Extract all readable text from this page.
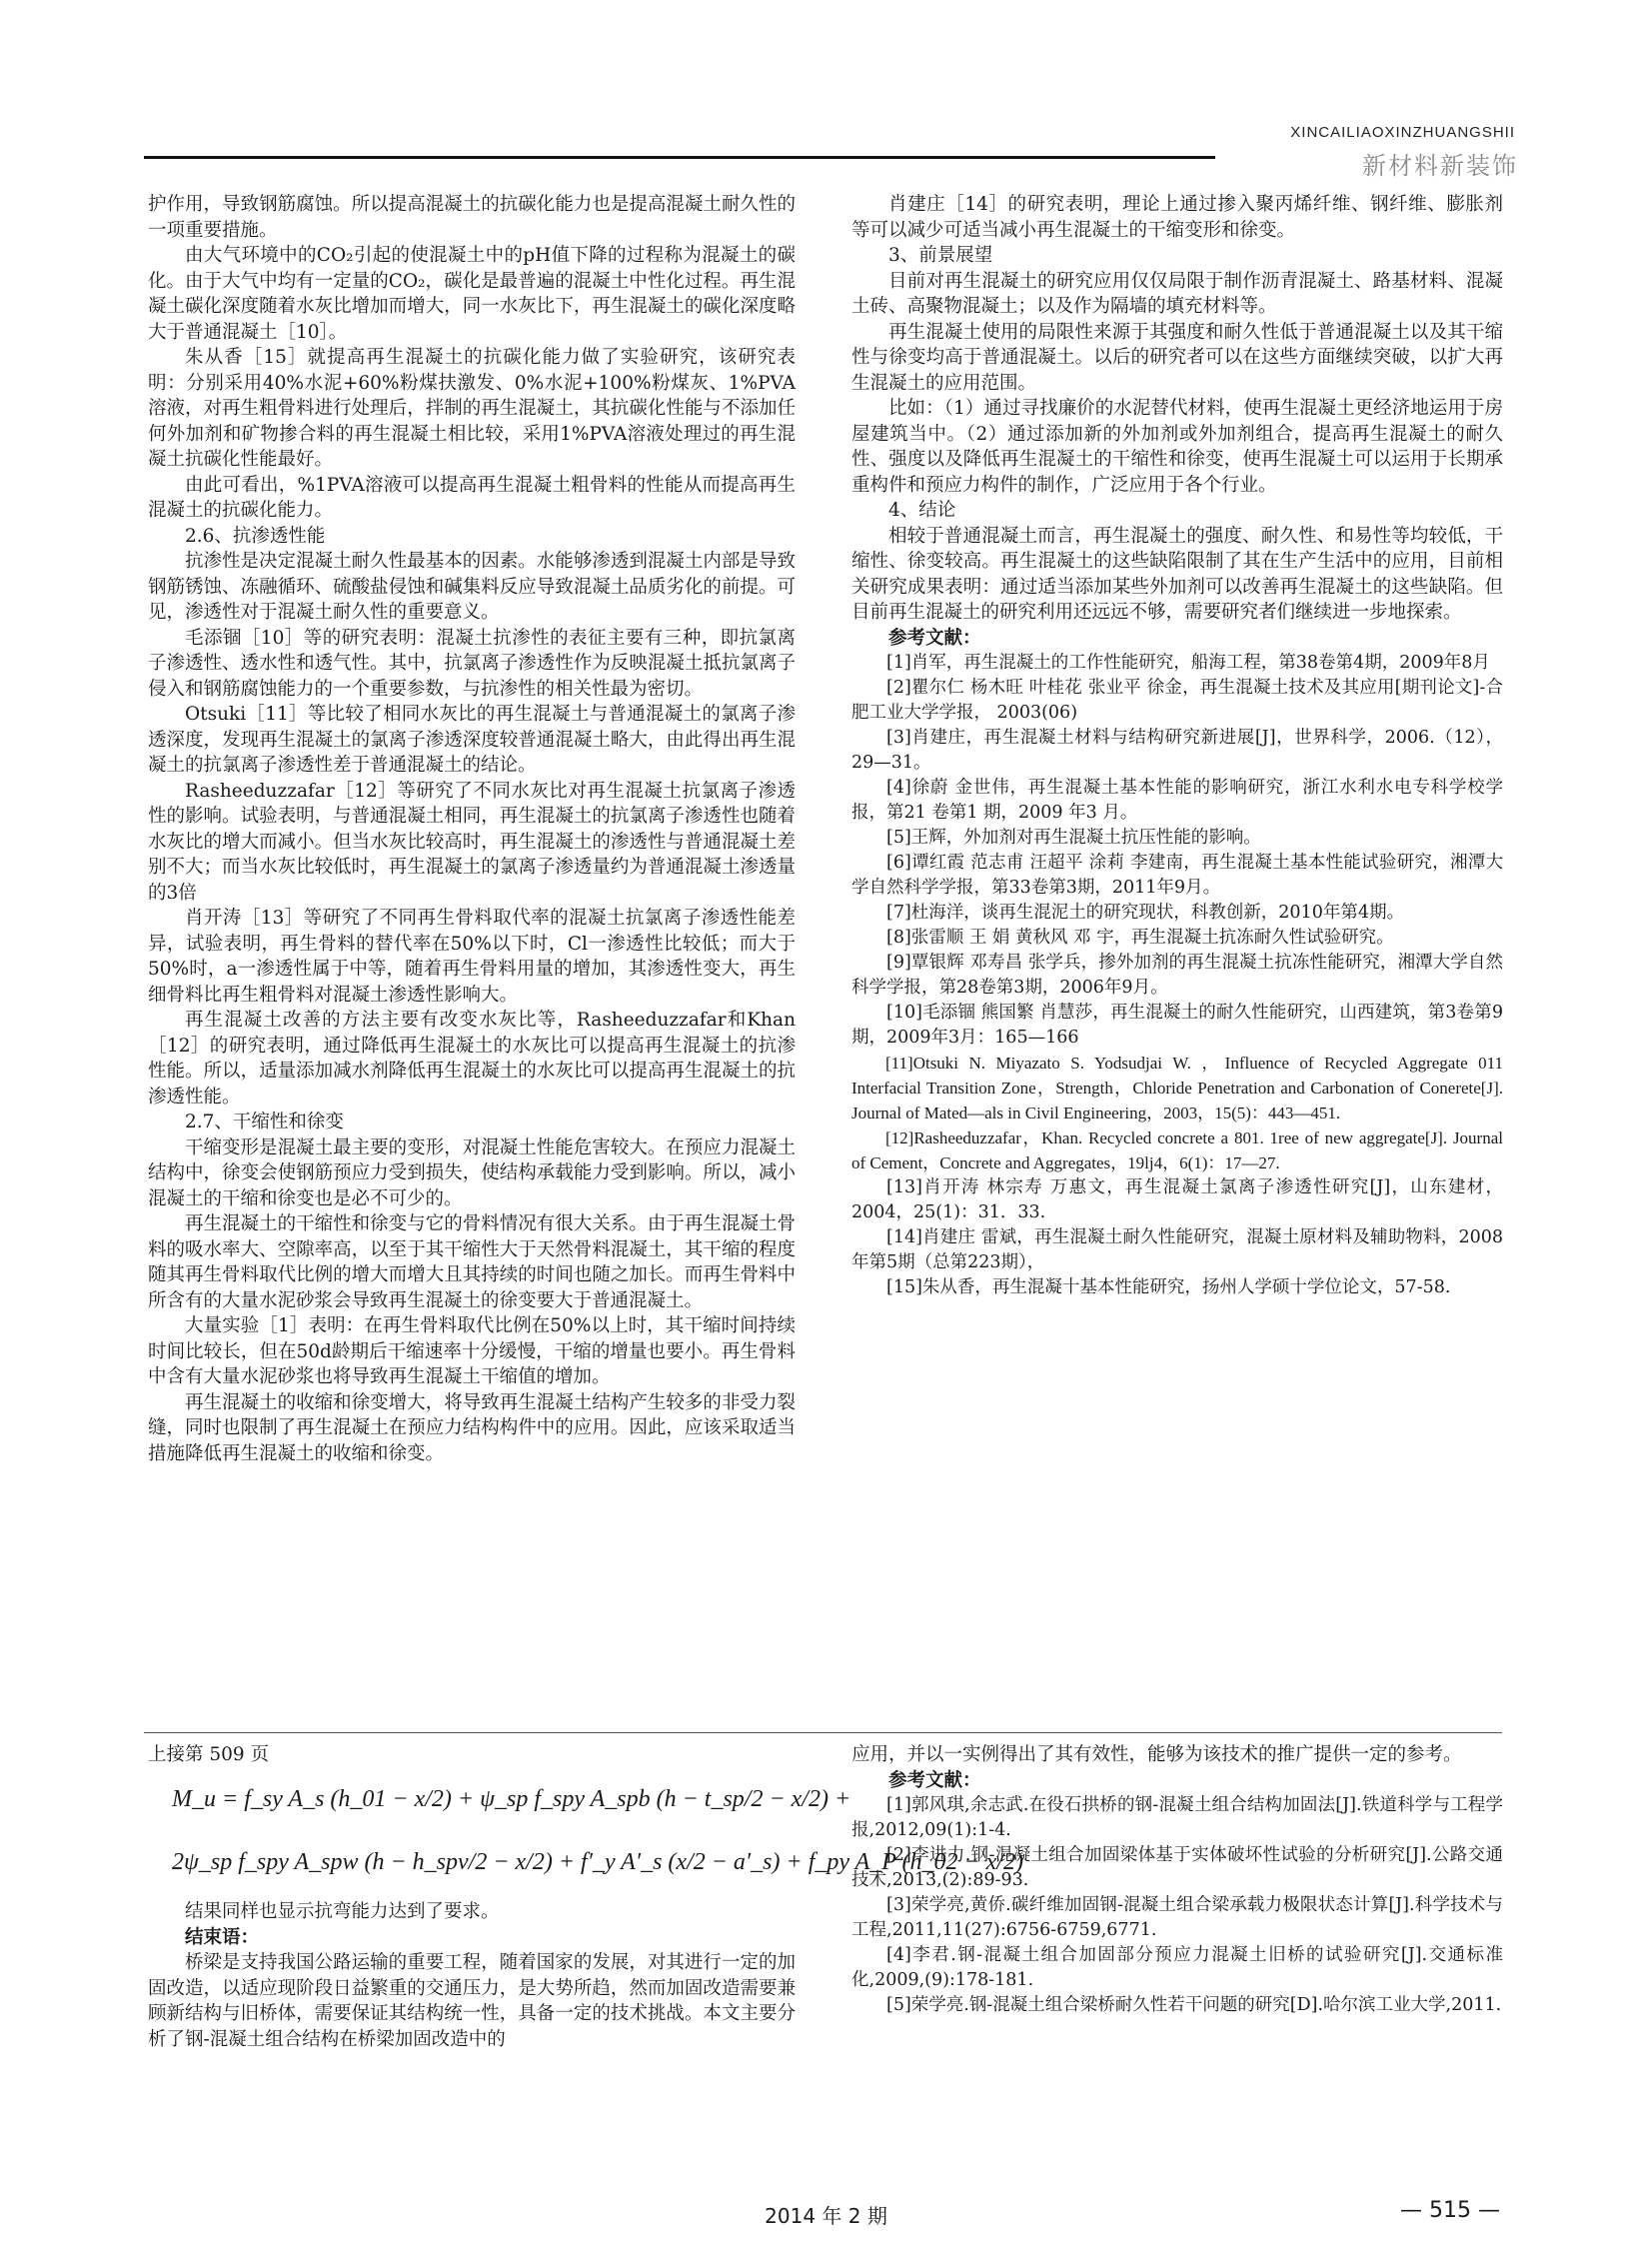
XINCAILIAOXINZHUANGSHII
新材料新装饰

护作用，导致钢筋腐蚀。所以提高混凝土的抗碳化能力也是提高混凝土耐久性的一项重要措施。

由大气环境中的CO₂引起的使混凝土中的pH值下降的过程称为混凝土的碳化。由于大气中均有一定量的CO₂，碳化是最普遍的混凝土中性化过程。再生混凝土碳化深度随着水灰比增加而增大，同一水灰比下，再生混凝土的碳化深度略大于普通混凝土［10］。

朱从香［15］就提高再生混凝土的抗碳化能力做了实验研究，该研究表明：分别采用40%水泥+60%粉煤扶激发、0%水泥+100%粉煤灰、1%PVA溶液，对再生粗骨料进行处理后，拌制的再生混凝土，其抗碳化性能与不添加任何外加剂和矿物掺合料的再生混凝土相比较，采用1%PVA溶液处理过的再生混凝土抗碳化性能最好。

由此可看出，%1PVA溶液可以提高再生混凝土粗骨料的性能从而提高再生混凝土的抗碳化能力。

2.6、抗渗透性能

抗渗性是决定混凝土耐久性最基本的因素。水能够渗透到混凝土内部是导致钢筋锈蚀、冻融循环、硫酸盐侵蚀和碱集料反应导致混凝土品质劣化的前提。可见，渗透性对于混凝土耐久性的重要意义。

毛添锢［10］等的研究表明：混凝土抗渗性的表征主要有三种，即抗氯离子渗透性、透水性和透气性。其中，抗氯离子渗透性作为反映混凝土抵抗氯离子侵入和钢筋腐蚀能力的一个重要参数，与抗渗性的相关性最为密切。

Otsuki［11］等比较了相同水灰比的再生混凝土与普通混凝土的氯离子渗透深度，发现再生混凝土的氯离子渗透深度较普通混凝土略大，由此得出再生混凝土的抗氯离子渗透性差于普通混凝土的结论。

Rasheeduzzafar［12］等研究了不同水灰比对再生混凝土抗氯离子渗透性的影响。试验表明，与普通混凝土相同，再生混凝土的抗氯离子渗透性也随着水灰比的增大而减小。但当水灰比较高时，再生混凝土的渗透性与普通混凝土差别不大；而当水灰比较低时，再生混凝土的氯离子渗透量约为普通混凝土渗透量的3倍

肖开涛［13］等研究了不同再生骨料取代率的混凝土抗氯离子渗透性能差异，试验表明，再生骨料的替代率在50%以下时，Cl一渗透性比较低；而大于50%时，a一渗透性属于中等，随着再生骨料用量的增加，其渗透性变大，再生细骨料比再生粗骨料对混凝土渗透性影响大。

再生混凝土改善的方法主要有改变水灰比等，Rasheeduzzafar和Khan［12］的研究表明，通过降低再生混凝土的水灰比可以提高再生混凝土的抗渗性能。所以，适量添加减水剂降低再生混凝土的水灰比可以提高再生混凝土的抗渗透性能。

2.7、干缩性和徐变

干缩变形是混凝土最主要的变形，对混凝土性能危害较大。在预应力混凝土结构中，徐变会使钢筋预应力受到损失，使结构承载能力受到影响。所以，减小混凝土的干缩和徐变也是必不可少的。

再生混凝土的干缩性和徐变与它的骨料情况有很大关系。由于再生混凝土骨料的吸水率大、空隙率高，以至于其干缩性大于天然骨料混凝土，其干缩的程度随其再生骨料取代比例的增大而增大且其持续的时间也随之加长。而再生骨料中所含有的大量水泥砂浆会导致再生混凝土的徐变要大于普通混凝土。

大量实验［1］表明：在再生骨料取代比例在50%以上时，其干缩时间持续时间比较长，但在50d龄期后干缩速率十分缓慢，干缩的增量也要小。再生骨料中含有大量水泥砂浆也将导致再生混凝土干缩值的增加。

再生混凝土的收缩和徐变增大，将导致再生混凝土结构产生较多的非受力裂缝，同时也限制了再生混凝土在预应力结构构件中的应用。因此，应该采取适当措施降低再生混凝土的收缩和徐变。

肖建庄［14］的研究表明，理论上通过掺入聚丙烯纤维、钢纤维、膨胀剂等可以减少可适当减小再生混凝土的干缩变形和徐变。

3、前景展望

目前对再生混凝土的研究应用仅仅局限于制作沥青混凝土、路基材料、混凝土砖、高聚物混凝土；以及作为隔墙的填充材料等。

再生混凝土使用的局限性来源于其强度和耐久性低于普通混凝土以及其干缩性与徐变均高于普通混凝土。以后的研究者可以在这些方面继续突破，以扩大再生混凝土的应用范围。

比如：（1）通过寻找廉价的水泥替代材料，使再生混凝土更经济地运用于房屋建筑当中。（2）通过添加新的外加剂或外加剂组合，提高再生混凝土的耐久性、强度以及降低再生混凝土的干缩性和徐变，使再生混凝土可以运用于长期承重构件和预应力构件的制作，广泛应用于各个行业。

4、结论

相较于普通混凝土而言，再生混凝土的强度、耐久性、和易性等均较低，干缩性、徐变较高。再生混凝土的这些缺陷限制了其在生产生活中的应用，目前相关研究成果表明：通过适当添加某些外加剂可以改善再生混凝土的这些缺陷。但目前再生混凝土的研究利用还远远不够，需要研究者们继续进一步地探索。

参考文献：

[1]肖军，再生混凝土的工作性能研究，船海工程，第38卷第4期，2009年8月

[2]瞿尔仁 杨木旺 叶桂花 张业平 徐金，再生混凝土技术及其应用[期刊论文]-合肥工业大学学报， 2003(06)

[3]肖建庄，再生混凝土材料与结构研究新进展[J]，世界科学，2006.（12），29—31。

[4]徐蔚 金世伟，再生混凝土基本性能的影响研究，浙江水利水电专科学校学报，第21 卷第1 期，2009 年3 月。

[5]王辉，外加剂对再生混凝土抗压性能的影响。

[6]谭红霞 范志甫 汪超平 涂莉 李建南，再生混凝土基本性能试验研究，湘潭大学自然科学学报，第33卷第3期，2011年9月。

[7]杜海洋，谈再生混泥土的研究现状，科教创新，2010年第4期。

[8]张雷顺 王 娟 黄秋风 邓 宇，再生混凝土抗冻耐久性试验研究。

[9]覃银辉 邓寿昌 张学兵，掺外加剂的再生混凝土抗冻性能研究，湘潭大学自然科学学报，第28卷第3期，2006年9月。

[10]毛添锢 熊国繁 肖慧莎，再生混凝土的耐久性能研究，山西建筑，第3卷第9期，2009年3月：165—166

[11]Otsuki N. Miyazato S. Yodsudjai W. ，Influence of Recycled Aggregate 011 Interfacial Transition Zone，Strength，Chloride Penetration and Carbonation of Conerete[J]. Journal of Mated—als in Civil Engineering，2003，15(5)：443—451.

[12]Rasheeduzzafar，Khan. Recycled concrete a 801. 1ree of new aggregate[J]. Journal of Cement，Concrete and Aggregates，19lj4，6(1)：17—27.

[13]肖开涛 林宗寿 万惠文，再生混凝土氯离子渗透性研究[J]，山东建材，2004，25(1)：31．33.

[14]肖建庄 雷斌，再生混凝土耐久性能研究，混凝土原材料及辅助物料，2008年第5期（总第223期），

[15]朱从香，再生混凝十基本性能研究，扬州人学硕十学位论文，57-58.

上接第 509 页

M_u = f_sy A_s (h_01 − x/2) + ψ_sp f_spy A_spb (h − t_sp/2 − x/2) +
2ψ_sp f_spy A_spw (h − h_spv/2 − x/2) + f′_y A′_s (x/2 − a′_s) + f_py A_P (h_02 − x/2)

结果同样也显示抗弯能力达到了要求。

结束语：

桥梁是支持我国公路运输的重要工程，随着国家的发展，对其进行一定的加固改造，以适应现阶段日益繁重的交通压力，是大势所趋，然而加固改造需要兼顾新结构与旧桥体，需要保证其结构统一性，具备一定的技术挑战。本文主要分析了钢-混凝土组合结构在桥梁加固改造中的

应用，并以一实例得出了其有效性，能够为该技术的推广提供一定的参考。

参考文献：

[1]郭风琪,余志武.在役石拱桥的钢-混凝土组合结构加固法[J].铁道科学与工程学报,2012,09(1):1-4.

[2]李进力.钢-混凝土组合加固梁体基于实体破坏性试验的分析研究[J].公路交通技术,2013,(2):89-93.

[3]荣学亮,黄侨.碳纤维加固钢-混凝土组合梁承载力极限状态计算[J].科学技术与工程,2011,11(27):6756-6759,6771.

[4]李君.钢-混凝土组合加固部分预应力混凝土旧桥的试验研究[J].交通标准化,2009,(9):178-181.

[5]荣学亮.钢-混凝土组合梁桥耐久性若干问题的研究[D].哈尔滨工业大学,2011.

2014 年 2 期	— 515 —
